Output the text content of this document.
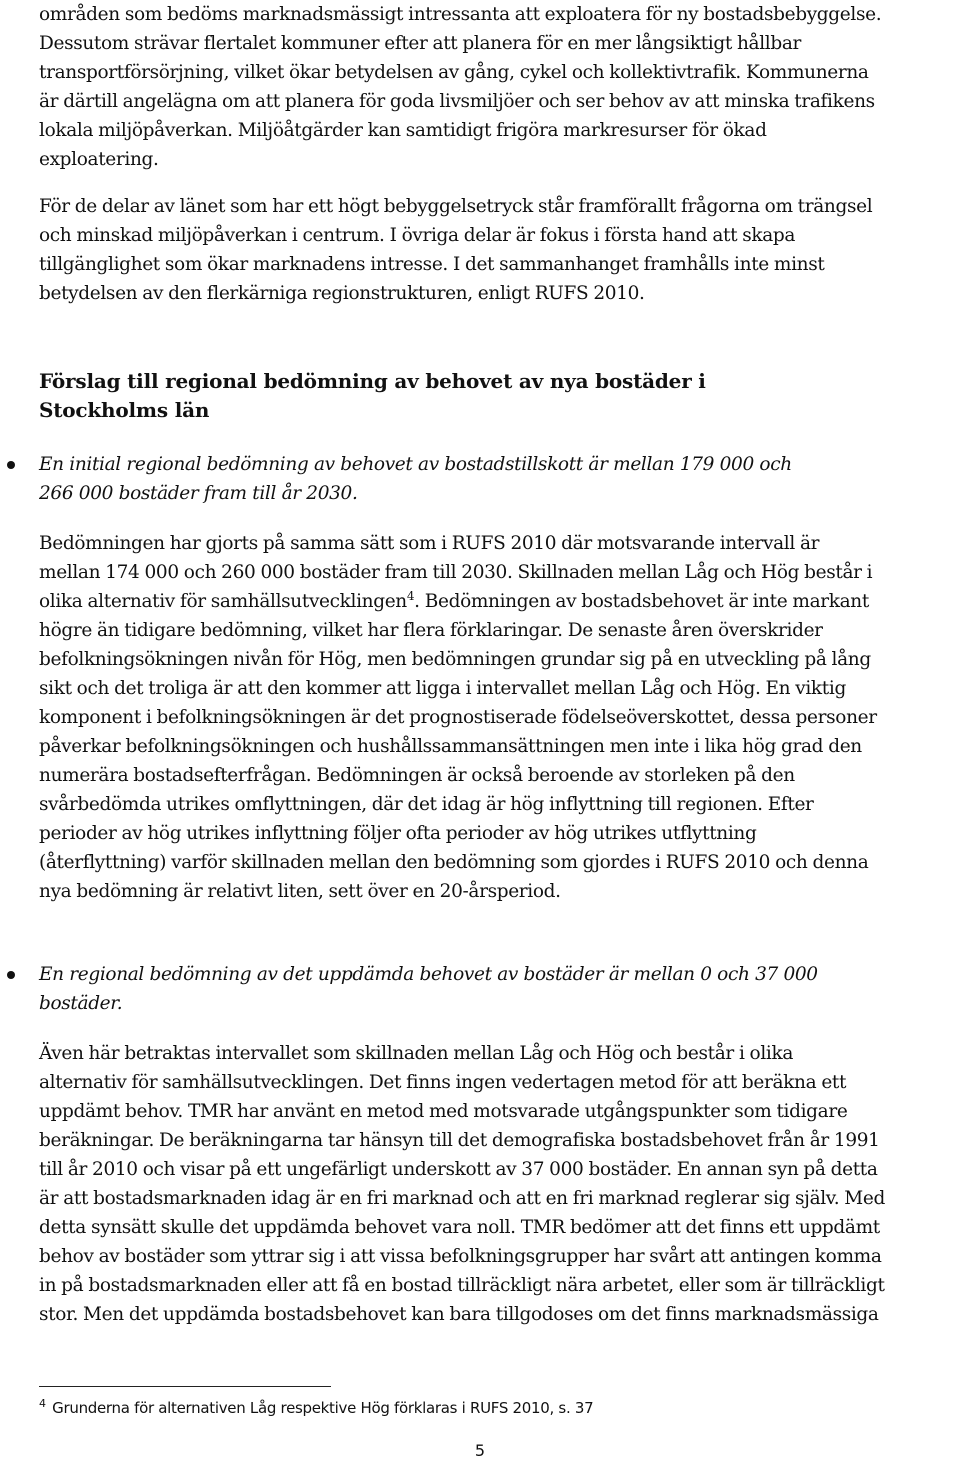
områden som bedöms marknadsmässigt intressanta att exploatera för ny bostadsbebyggelse.
Dessutom strävar flertalet kommuner efter att planera för en mer långsiktigt hållbar
transportförsörjning, vilket ökar betydelsen av gång, cykel och kollektivtrafik. Kommunerna
är därtill angelägna om att planera för goda livsmiljöer och ser behov av att minska trafikens
lokala miljöpåverkan. Miljöåtgärder kan samtidigt frigöra markresurser för ökad
exploatering.

För de delar av länet som har ett högt bebyggelsetryck står framförallt frågorna om trängsel
och minskad miljöpåverkan i centrum. I övriga delar är fokus i första hand att skapa
tillgänglighet som ökar marknadens intresse. I det sammanhanget framhålls inte minst
betydelsen av den flerkärniga regionstrukturen, enligt RUFS 2010.

Förslag till regional bedömning av behovet av nya bostäder i
Stockholms län

En initial regional bedömning av behovet av bostadstillskott är mellan 179 000 och
266 000 bostäder fram till år 2030.

Bedömningen har gjorts på samma sätt som i RUFS 2010 där motsvarande intervall är
mellan 174 000 och 260 000 bostäder fram till 2030. Skillnaden mellan Låg och Hög består i
olika alternativ för samhällsutvecklingen$^4$. Bedömningen av bostadsbehovet är inte markant
högre än tidigare bedömning, vilket har flera förklaringar. De senaste åren överskrider
befolkningsökningen nivån för Hög, men bedömningen grundar sig på en utveckling på lång
sikt och det troliga är att den kommer att ligga i intervallet mellan Låg och Hög. En viktig
komponent i befolkningsökningen är det prognostiserade födelseöverskottet, dessa personer
påverkar befolkningsökningen och hushållssammansättningen men inte i lika hög grad den
numerära bostadsefterfrågan. Bedömningen är också beroende av storleken på den
svårbedömda utrikes omflyttningen, där det idag är hög inflyttning till regionen. Efter
perioder av hög utrikes inflyttning följer ofta perioder av hög utrikes utflyttning
(återflyttning) varför skillnaden mellan den bedömning som gjordes i RUFS 2010 och denna
nya bedömning är relativt liten, sett över en 20-årsperiod.

En regional bedömning av det uppdämda behovet av bostäder är mellan 0 och 37 000
bostäder.

Även här betraktas intervallet som skillnaden mellan Låg och Hög och består i olika
alternativ för samhällsutvecklingen. Det finns ingen vedertagen metod för att beräkna ett
uppdämt behov. TMR har använt en metod med motsvarade utgångspunkter som tidigare
beräkningar. De beräkningarna tar hänsyn till det demografiska bostadsbehovet från år 1991
till år 2010 och visar på ett ungefärligt underskott av 37 000 bostäder. En annan syn på detta
är att bostadsmarknaden idag är en fri marknad och att en fri marknad reglerar sig själv. Med
detta synsätt skulle det uppdämda behovet vara noll. TMR bedömer att det finns ett uppdämt
behov av bostäder som yttrar sig i att vissa befolkningsgrupper har svårt att antingen komma
in på bostadsmarknaden eller att få en bostad tillräckligt nära arbetet, eller som är tillräckligt
stor. Men det uppdämda bostadsbehovet kan bara tillgodoses om det finns marknadsmässiga

$^4$ Grunderna för alternativen Låg respektive Hög förklaras i RUFS 2010, s. 37

5
